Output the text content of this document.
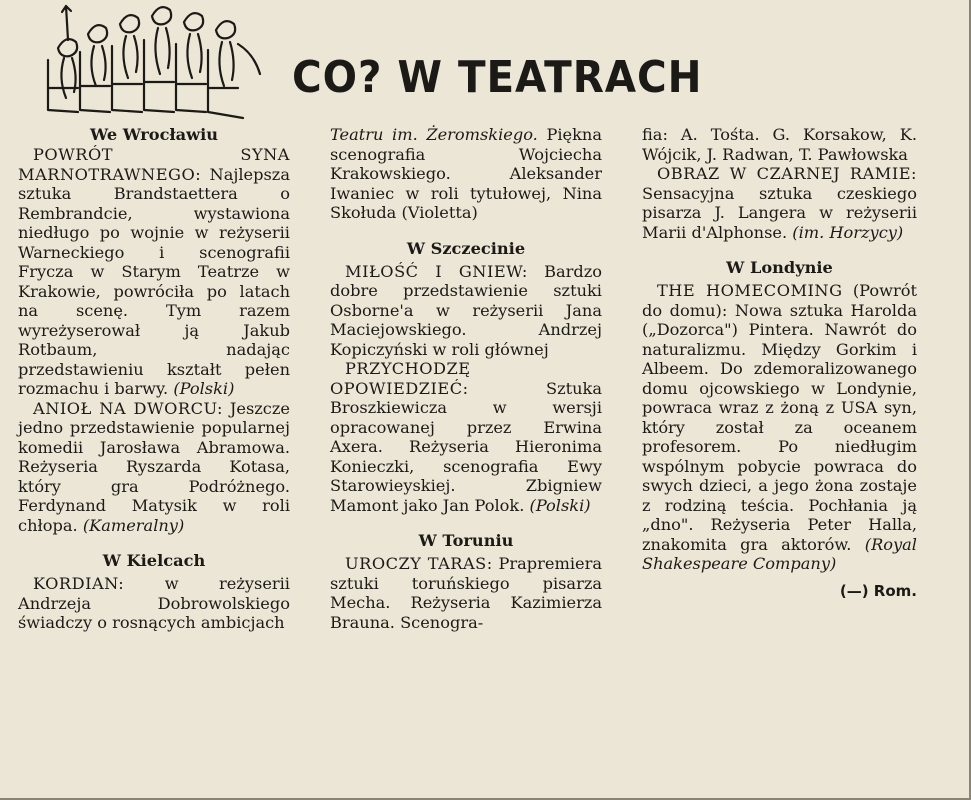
CO? W TEATRACH
We Wrocławiu

POWRÓT SYNA MARNOTRAWNEGO: Najlepsza sztuka Brandstaettera o Rembrandcie, wystawiona niedługo po wojnie w reżyserii Warneckiego i scenografii Frycza w Starym Teatrze w Krakowie, powróciła po latach na scenę. Tym razem wyreżyserował ją Jakub Rotbaum, nadając przedstawieniu kształt pełen rozmachu i barwy. (Polski)

ANIOŁ NA DWORCU: Jeszcze jedno przedstawienie popularnej komedii Jarosława Abramowa. Reżyseria Ryszarda Kotasa, który gra Podróżnego. Ferdynand Matysik w roli chłopa. (Kameralny)

W Kielcach

KORDIAN: w reżyserii Andrzeja Dobrowolskiego świadczy o rosnących ambicjach

Teatru im. Żeromskiego. Piękna scenografia Wojciecha Krakowskiego. Aleksander Iwaniec w roli tytułowej, Nina Skołuda (Violetta)

W Szczecinie

MIŁOŚĆ I GNIEW: Bardzo dobre przedstawienie sztuki Osborne'a w reżyserii Jana Maciejowskiego. Andrzej Kopiczyński w roli głównej

PRZYCHODZĘ OPOWIEDZIEĆ:	Sztuka Broszkiewicza w wersji opracowanej przez Erwina Axera. Reżyseria Hieronima Konieczki, scenografia Ewy Starowieyskiej. Zbigniew Mamont jako Jan Polok. (Polski)

W Toruniu

UROCZY TARAS: Prapremiera sztuki toruńskiego pisarza Mecha. Reżyseria Kazimierza Brauna. Scenogra-

fia: A. Tośta. G. Korsakow, K. Wójcik, J. Radwan, T. Pawłowska

OBRAZ W CZARNEJ RAMIE: Sensacyjna sztuka czeskiego pisarza J. Langera w reżyserii Marii d'Alphonse. (im. Horzycy)

W Londynie

THE HOMECOMING (Powrót do domu): Nowa sztuka Harolda („Dozorca") Pintera. Nawrót do naturalizmu. Między Gorkim i Albeem. Do zdemoralizowanego domu ojcowskiego w Londynie, powraca wraz z żoną z USA syn, który został za oceanem profesorem. Po niedługim wspólnym pobycie powraca do swych dzieci, a jego żona zostaje z rodziną teścia. Pochłania ją „dno". Reżyseria Peter Halla, znakomita gra aktorów. (Royal Shakespeare Company)

(—) Rom.
